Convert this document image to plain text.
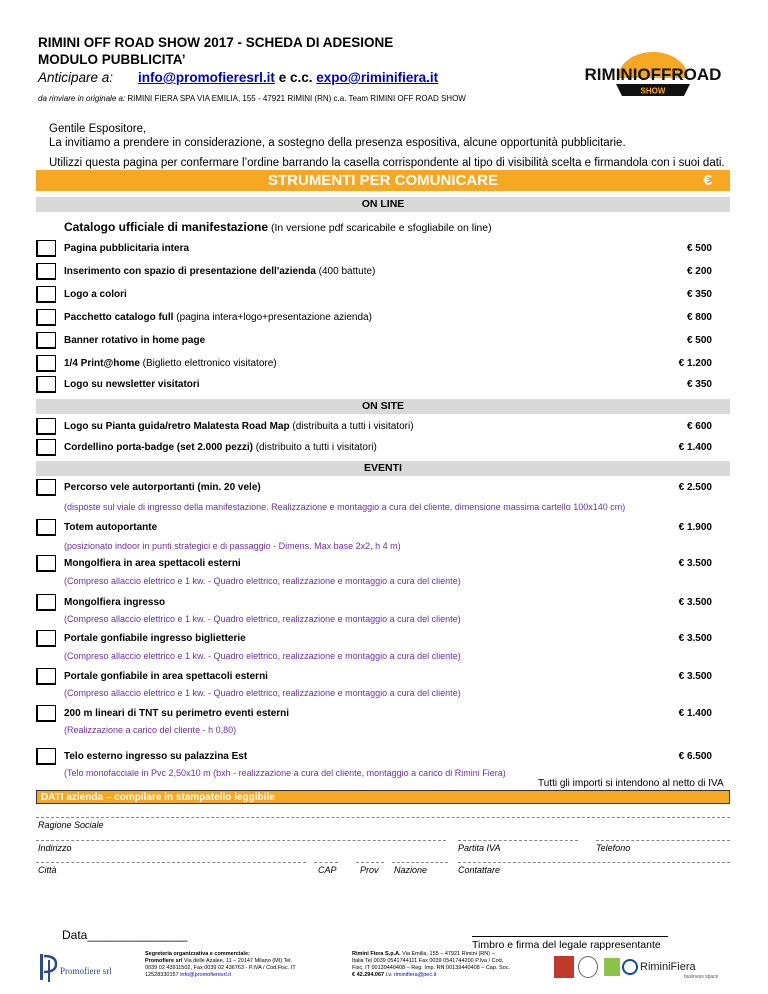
RIMINI OFF ROAD SHOW 2017 - SCHEDA DI ADESIONE
MODULO PUBBLICITA’
Anticipare a: info@promofieresrl.it e c.c. expo@riminifiera.it
da rinviare in originale a: RIMINI FIERA SPA VIA EMILIA, 155 - 47921 RIMINI (RN) c.a. Team RIMINI OFF ROAD SHOW
RIMINIOFFROAD
SHOW

Gentile Espositore,
La invitiamo a prendere in considerazione, a sostegno della presenza espositiva, alcune opportunità pubblicitarie.

Utilizzi questa pagina per confermare l’ordine barrando la casella corrispondente al tipo di visibilità scelta e firmandola con i suoi dati.

STRUMENTI PER COMUNICARE	€
ON LINE
Catalogo ufficiale di manifestazione (In versione pdf scaricabile e sfogliabile on line)
Pagina pubblicitaria intera	€ 500
Inserimento con spazio di presentazione dell'azienda (400 battute)	€ 200
Logo a colori	€ 350
Pacchetto catalogo full (pagina intera+logo+presentazione azienda)	€ 800
Banner rotativo in home page	€ 500
1/4 Print@home (Biglietto elettronico visitatore)	€ 1.200
Logo su newsletter visitatori	€ 350
ON SITE
Logo su Pianta guida/retro Malatesta Road Map (distribuita a tutti i visitatori)	€ 600
Cordellino porta-badge (set 2.000 pezzi) (distribuito a tutti i visitatori)	€ 1.400
EVENTI
Percorso vele autorportanti (min. 20 vele)	€ 2.500
(disposte sul viale di ingresso della manifestazione. Realizzazione e montaggio a cura del cliente, dimensione massima cartello 100x140 cm)
Totem autoportante	€ 1.900
(posizionato indoor in punti strategici e di passaggio - Dimens. Max base 2x2, h 4 m)
Mongolfiera in area spettacoli esterni	€ 3.500
(Compreso allaccio elettrico e 1 kw. - Quadro elettrico, realizzazione e montaggio a cura del cliente)
Mongolfiera ingresso	€ 3.500
(Compreso allaccio elettrico e 1 kw. - Quadro elettrico, realizzazione e montaggio a cura del cliente)
Portale gonfiabile ingresso biglietterie	€ 3.500
(Compreso allaccio elettrico e 1 kw. - Quadro elettrico, realizzazione e montaggio a cura del cliente)
Portale gonfiabile in area spettacoli esterni	€ 3.500
(Compreso allaccio elettrico e 1 kw. - Quadro elettrico, realizzazione e montaggio a cura del cliente)
200 m lineari di TNT su perimetro eventi esterni	€ 1.400
(Realizzazione a carico del cliente - h 0,80)
Telo esterno ingresso su palazzina Est	€ 6.500
(Telo monofacciale in Pvc 2,50x10 m (bxh - realizzazione a cura del cliente, montaggio a carico di Rimini Fiera)
Tutti gli importi si intendono al netto di IVA
DATI azienda – compilare in stampatello leggibile
Ragione Sociale
Indirizzo	Partita IVA	Telefono
Città	CAP	Prov Nazione	Contattare
Data_______________
Timbro e firma del legale rappresentante
Promofiere srl
Segreteria organizzativa e commerciale:
Promofiere srl Via delle Azalee, 11 – 20147 Milano (MI) Tel.
0039 02 43911502, Fax 0039 02 436763 - P.IVA / Cod.Fisc. IT
12528330157 info@promofieresrl.it
Rimini Fiera S.p.A. Via Emilia, 155 – 47921 Rimini (RN) –
Italia Tel 0039 0541744111 Fax 0039 0541744200 P.Iva / Cod.
Fisc. IT 00139440408 – Reg. Imp. RN 00139440408 – Cap. Soc.
€ 42.294.067 i.v. riminifiera@pec.it
RiminiFiera
business space
